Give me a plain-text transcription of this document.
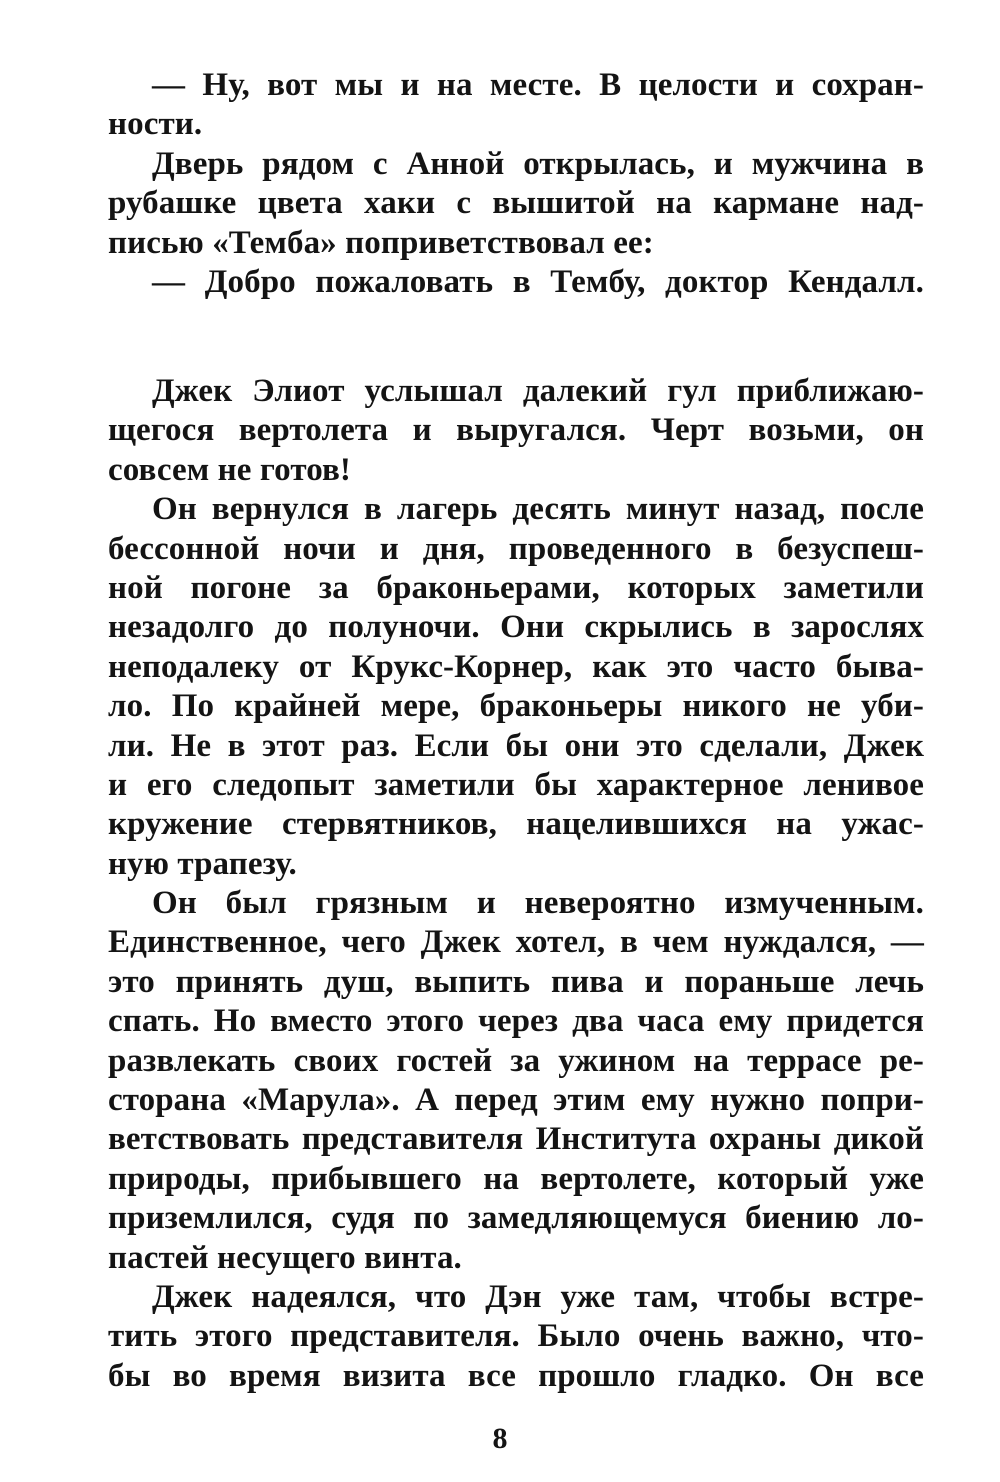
— Ну, вот мы и на месте. В целости и сохран-
ности.
Дверь рядом с Анной открылась, и мужчина в
рубашке цвета хаки с вышитой на кармане над-
писью «Темба» поприветствовал ее:
— Добро пожаловать в Тембу, доктор Кендалл.
Джек Элиот услышал далекий гул приближаю-
щегося вертолета и выругался. Черт возьми, он
совсем не готов!
Он вернулся в лагерь десять минут назад, после
бессонной ночи и дня, проведенного в безуспеш-
ной погоне за браконьерами, которых заметили
незадолго до полуночи. Они скрылись в зарослях
неподалеку от Крукс-Корнер, как это часто быва-
ло. По крайней мере, браконьеры никого не уби-
ли. Не в этот раз. Если бы они это сделали, Джек
и его следопыт заметили бы характерное ленивое
кружение стервятников, нацелившихся на ужас-
ную трапезу.
Он был грязным и невероятно измученным.
Единственное, чего Джек хотел, в чем нуждался, —
это принять душ, выпить пива и пораньше лечь
спать. Но вместо этого через два часа ему придется
развлекать своих гостей за ужином на террасе ре-
сторана «Марула». А перед этим ему нужно попри-
ветствовать представителя Института охраны дикой
природы, прибывшего на вертолете, который уже
приземлился, судя по замедляющемуся биению ло-
пастей несущего винта.
Джек надеялся, что Дэн уже там, чтобы встре-
тить этого представителя. Было очень важно, что-
бы во время визита все прошло гладко. Он все
8
